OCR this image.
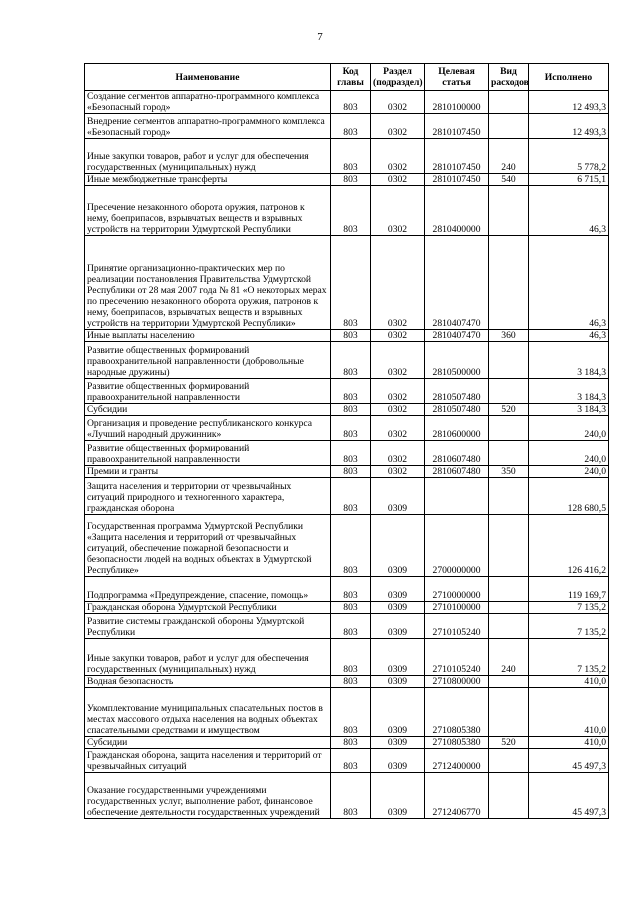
7
Наименование	Код главы	Раздел (подраздел)	Целевая статья	Вид расходов	Исполнено
Создание сегментов аппаратно-программного комплекса «Безопасный город»	803	0302	2810100000		12 493,3
Внедрение сегментов аппаратно-программного комплекса «Безопасный город»	803	0302	2810107450		12 493,3
Иные закупки товаров, работ и услуг для обеспечения государственных (муниципальных) нужд	803	0302	2810107450	240	5 778,2
Иные межбюджетные трансферты	803	0302	2810107450	540	6 715,1
Пресечение незаконного оборота оружия, патронов к нему, боеприпасов, взрывчатых веществ и взрывных устройств на территории Удмуртской Республики	803	0302	2810400000		46,3
Принятие организационно-практических мер по реализации постановления Правительства Удмуртской Республики от 28 мая 2007 года № 81 «О некоторых мерах по пресечению незаконного оборота оружия, патронов к нему, боеприпасов, взрывчатых веществ и взрывных устройств на территории Удмуртской Республики»	803	0302	2810407470		46,3
Иные выплаты населению	803	0302	2810407470	360	46,3
Развитие общественных формирований правоохранительной направленности (добровольные народные дружины)	803	0302	2810500000		3 184,3
Развитие общественных формирований правоохранительной направленности	803	0302	2810507480		3 184,3
Субсидии	803	0302	2810507480	520	3 184,3
Организация и проведение республиканского конкурса «Лучший народный дружинник»	803	0302	2810600000		240,0
Развитие общественных формирований правоохранительной направленности	803	0302	2810607480		240,0
Премии и гранты	803	0302	2810607480	350	240,0
Защита населения и территории от чрезвычайных ситуаций природного и техногенного характера, гражданская оборона	803	0309			128 680,5
Государственная программа Удмуртской Республики «Защита населения и территорий от чрезвычайных ситуаций, обеспечение пожарной безопасности и безопасности людей на водных объектах в Удмуртской Республике»	803	0309	2700000000		126 416,2
Подпрограмма «Предупреждение, спасение, помощь»	803	0309	2710000000		119 169,7
Гражданская оборона Удмуртской Республики	803	0309	2710100000		7 135,2
Развитие системы гражданской обороны Удмуртской Республики	803	0309	2710105240		7 135,2
Иные закупки товаров, работ и услуг для обеспечения государственных (муниципальных) нужд	803	0309	2710105240	240	7 135,2
Водная безопасность	803	0309	2710800000		410,0
Укомплектование муниципальных спасательных постов в местах массового отдыха населения на водных объектах спасательными средствами и имуществом	803	0309	2710805380		410,0
Субсидии	803	0309	2710805380	520	410,0
Гражданская оборона, защита населения и территорий от чрезвычайных ситуаций	803	0309	2712400000		45 497,3
Оказание государственными учреждениями государственных услуг, выполнение работ, финансовое обеспечение деятельности государственных учреждений	803	0309	2712406770		45 497,3
